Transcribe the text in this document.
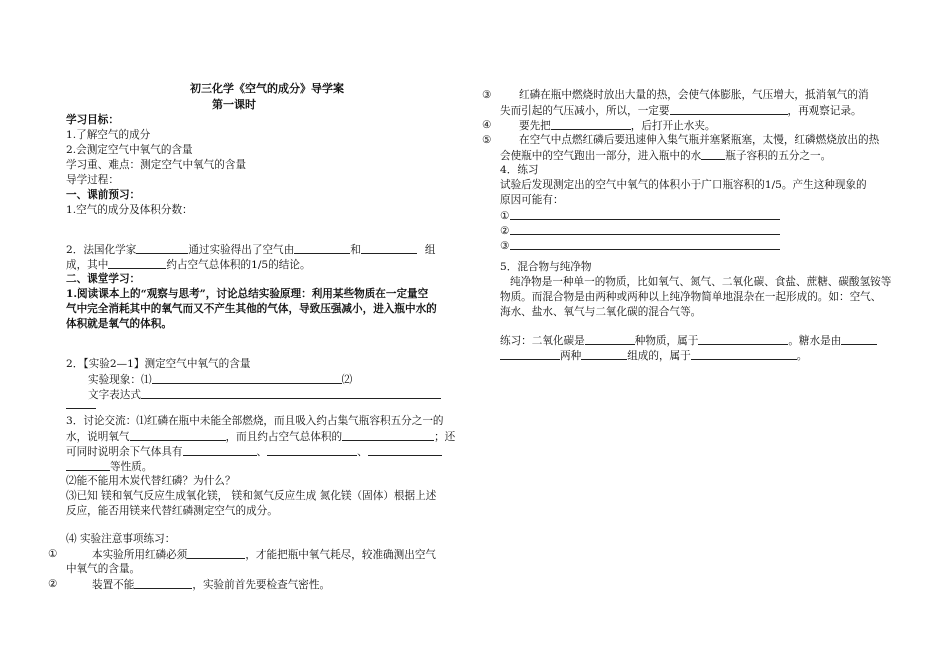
初三化学《空气的成分》导学案
第一课时
学习目标：
1.了解空气的成分
2.会测定空气中氧气的含量
学习重、难点：测定空气中氧气的含量
导学过程：
一、课前预习：
1.空气的成分及体积分数：
2．法国化学家	通过实验得出了空气由	和	组
成，其中	约占空气总体积的1/5的结论。
二、课堂学习：
1.阅读课本上的“观察与思考”，讨论总结实验原理：利用某些物质在一定量空
气中完全消耗其中的氧气而又不产生其他的气体，导致压强减小，进入瓶中水的
体积就是氧气的体积。
2．【实验2—1】测定空气中氧气的含量
实验现象：⑴	⑵
文字表达式
3．讨论交流：⑴红磷在瓶中未能全部燃烧，而且吸入约占集气瓶容积五分之一的
水，说明氧气	，而且约占空气总体积的	；还
可同时说明余下气体具有	、	、
等性质。
⑵能不能用木炭代替红磷？为什么？
⑶已知 镁和氧气反应生成氧化镁， 镁和氮气反应生成 氮化镁（固体）根据上述
反应，能否用镁来代替红磷测定空气的成分。
⑷ 实验注意事项练习：
①	本实验所用红磷必须	，才能把瓶中氧气耗尽，较准确测出空气
中氧气的含量。
②	装置不能	，实验前首先要检查气密性。
③	红磷在瓶中燃烧时放出大量的热，会使气体膨胀，气压增大，抵消氧气的消
失而引起的气压减小，所以，一定要	，再观察记录。
④	要先把	，后打开止水夹。
⑤	在空气中点燃红磷后要迅速伸入集气瓶并塞紧瓶塞，太慢，红磷燃烧放出的热
会使瓶中的空气跑出一部分，进入瓶中的水 瓶子容积的五分之一。
4．练习
试验后发现测定出的空气中氧气的体积小于广口瓶容积的1/5。产生这种现象的
原因可能有：
①
②
③
5．混合物与纯净物
纯净物是一种单一的物质，比如氧气、氮气、二氧化碳、食盐、蔗糖、碳酸氢铵等
物质。而混合物是由两种或两种以上纯净物简单地混杂在一起形成的。如：空气、
海水、盐水、氧气与二氧化碳的混合气等。
练习：二氧化碳是	种物质，属于	。糖水是由
两种	组成的，属于	。
